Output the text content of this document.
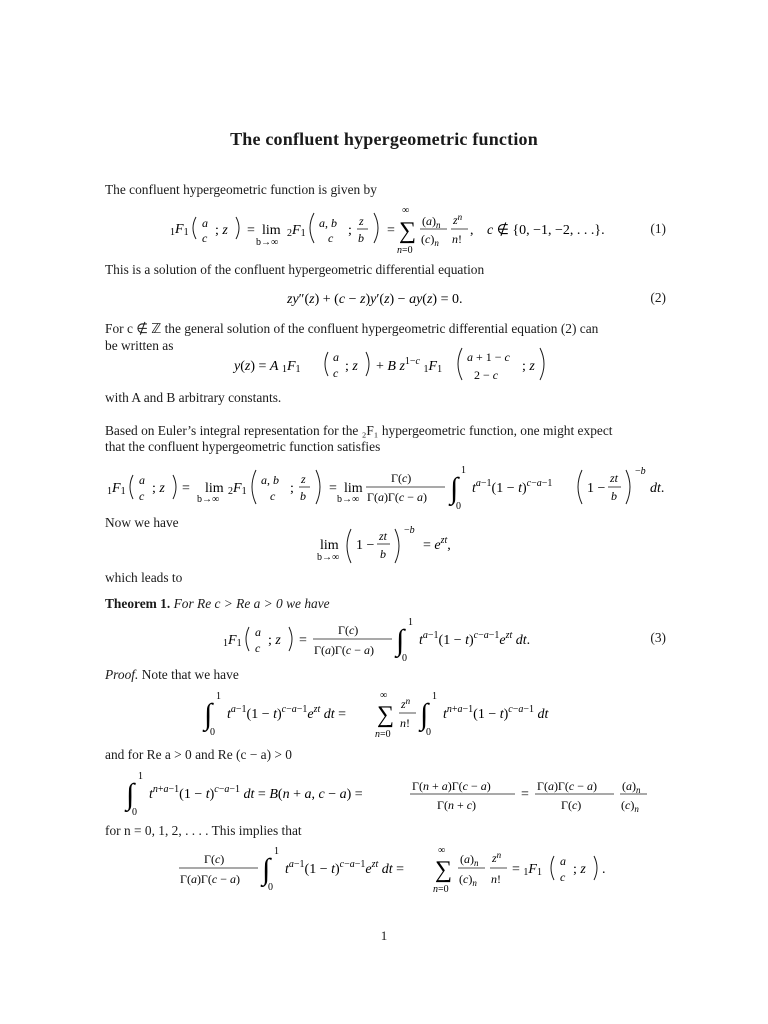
The confluent hypergeometric function
The confluent hypergeometric function is given by
1F1
a
c ; z = lim
b→∞
2F1
a, b
c ;
z
b =
∞
∑
n=0
$(a)_n$
$(c)_n$
$z^n$
n!
, c ∉ {0, −1, −2, . . .}.	(1)
This is a solution of the confluent hypergeometric differential equation
zy″(z) + (c − z)y′(z) − ay(z) = 0.	(2)
For c ∉ ℤ the general solution of the confluent hypergeometric differential equation (2) can
be written as
y(z) = A 1F1
a
c ; z + B $z^{1-c}$ 1F1
a + 1 − c
2 − c
; z
with A and B arbitrary constants.
Based on Euler’s integral representation for the ₂F₁ hypergeometric function, one might expect
that the confluent hypergeometric function satisfies
1F1
a
c ; z = lim
b→∞
2F1
a, b
c ;
z
b = lim
b→∞
Γ(c)
Γ(a)Γ(c − a) ∫
1
0
$t^{a-1}(1 - t)^{c-a-1}$ 1 −
zt
b
−b
dt.
Now we have
lim
b→∞
1 −
zt
b
−b
= $e^{zt}$,
which leads to
Theorem 1. For Re c > Re a > 0 we have
1F1
a
c ; z =
Γ(c)
Γ(a)Γ(c − a) ∫
1
0
$t^{a-1}(1 - t)^{c-a-1}e^{zt}$ dt.	(3)
Proof. Note that we have
∫
1
0
$t^{a-1}(1 - t)^{c-a-1}e^{zt}$ dt =
∞
∑
n=0
$z^n$
n! ∫
1
0
$t^{n+a-1}(1 - t)^{c-a-1}$ dt
and for Re a > 0 and Re (c − a) > 0
∫
1
0
$t^{n+a-1}(1 - t)^{c-a-1}$ dt = B(n + a, c − a) =
Γ(n + a)Γ(c − a)
Γ(n + c)
=
Γ(a)Γ(c − a)
Γ(c)
$(a)_n$
$(c)_n$
for n = 0, 1, 2, . . . . This implies that
Γ(c)
Γ(a)Γ(c − a) ∫
1
0
$t^{a-1}(1 - t)^{c-a-1}e^{zt}$ dt =
∞
∑
n=0
$(a)_n$
$(c)_n$
$z^n$
n!
= 1F1
a
c ; z .
1
